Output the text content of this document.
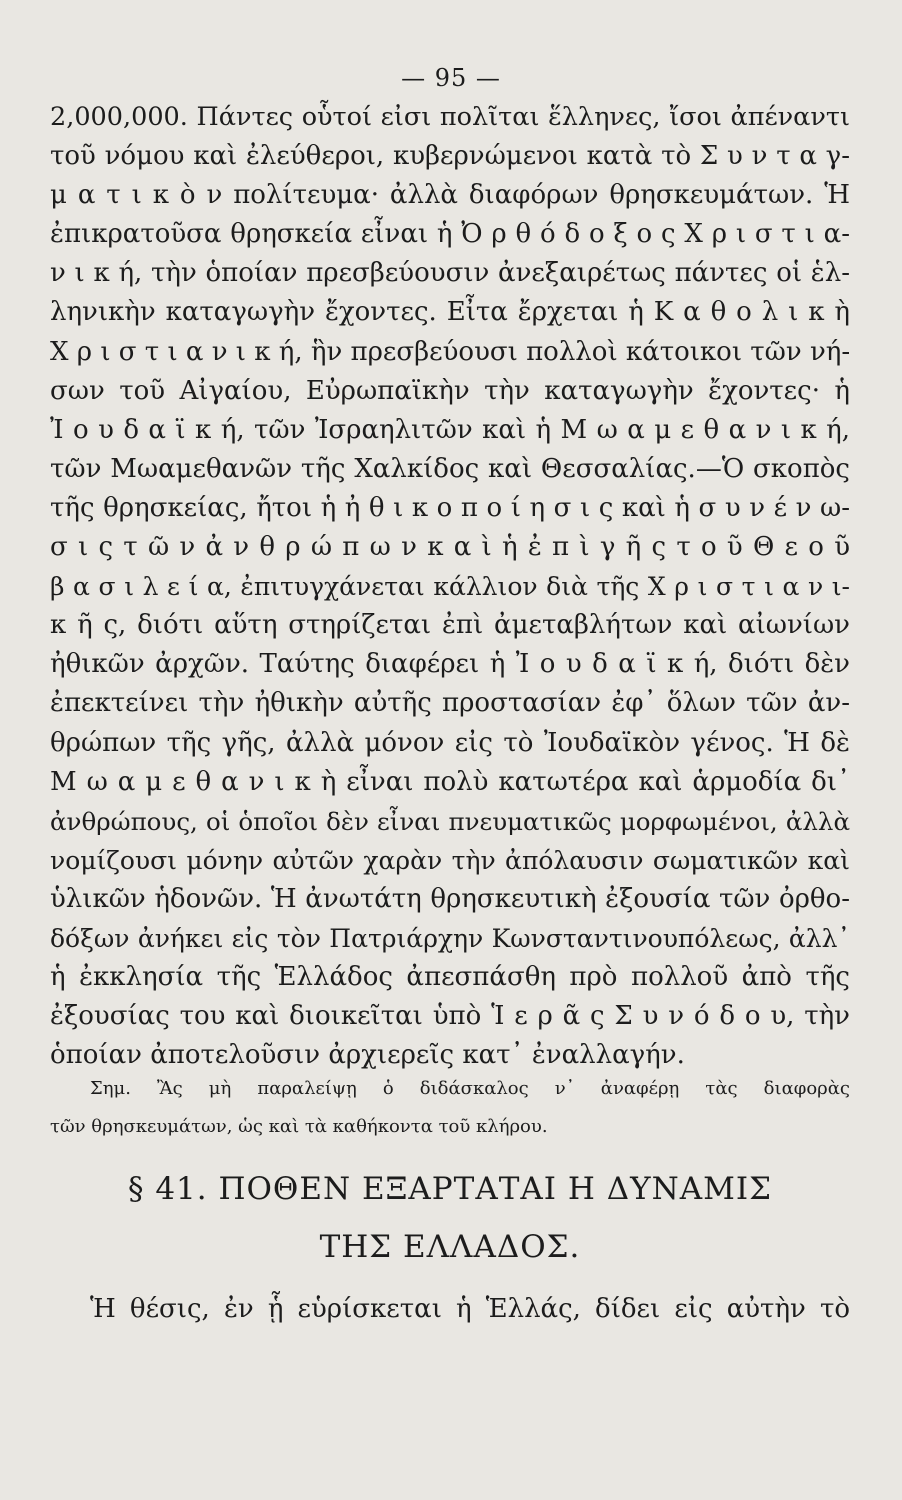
— 95 —
2,000,000. Πάντες οὗτοί εἰσι πολῖται ἕλληνες, ἴσοι ἀπέναντι
τοῦ νόμου καὶ ἐλεύθεροι, κυβερνώμενοι κατὰ τὸ Σ υ ν τ α γ-
μ α τ ι κ ὸ ν πολίτευμα· ἀλλὰ διαφόρων θρησκευμάτων. Ἡ
ἐπικρατοῦσα θρησκεία εἶναι ἡ Ὀ ρ θ ό δ ο ξ ο ς Χ ρ ι σ τ ι α-
ν ι κ ή, τὴν ὁποίαν πρεσβεύουσιν ἀνεξαιρέτως πάντες οἱ ἑλ-
ληνικὴν καταγωγὴν ἔχοντες. Εἶτα ἔρχεται ἡ Κ α θ ο λ ι κ ὴ
Χ ρ ι σ τ ι α ν ι κ ή, ἣν πρεσβεύουσι πολλοὶ κάτοικοι τῶν νή-
σων τοῦ Αἰγαίου, Εὐρωπαϊκὴν τὴν καταγωγὴν ἔχοντες· ἡ
Ἰ ο υ δ α ϊ κ ή, τῶν Ἰσραηλιτῶν καὶ ἡ Μ ω α μ ε θ α ν ι κ ή,
τῶν Μωαμεθανῶν τῆς Χαλκίδος καὶ Θεσσαλίας.—Ὁ σκοπὸς
τῆς θρησκείας, ἤτοι ἡ ἠ θ ι κ ο π ο ί η σ ι ς καὶ ἡ σ υ ν έ ν ω-
σ ι ς τ ῶ ν ἀ ν θ ρ ώ π ω ν κ α ὶ ἡ ἐ π ὶ γ ῆ ς τ ο ῦ Θ ε ο ῦ
β α σ ι λ ε ί α, ἐπιτυγχάνεται κάλλιον διὰ τῆς Χ ρ ι σ τ ι α ν ι-
κ ῆ ς, διότι αὕτη στηρίζεται ἐπὶ ἀμεταβλήτων καὶ αἰωνίων
ἠθικῶν ἀρχῶν. Ταύτης διαφέρει ἡ Ἰ ο υ δ α ϊ κ ή, διότι δὲν
ἐπεκτείνει τὴν ἠθικὴν αὐτῆς προστασίαν ἐφ᾽ ὅλων τῶν ἀν-
θρώπων τῆς γῆς, ἀλλὰ μόνον εἰς τὸ Ἰουδαϊκὸν γένος. Ἡ δὲ
Μ ω α μ ε θ α ν ι κ ὴ εἶναι πολὺ κατωτέρα καὶ ἁρμοδία δι᾽
ἀνθρώπους, οἱ ὁποῖοι δὲν εἶναι πνευματικῶς μορφωμένοι, ἀλλὰ
νομίζουσι μόνην αὐτῶν χαρὰν τὴν ἀπόλαυσιν σωματικῶν καὶ
ὑλικῶν ἡδονῶν. Ἡ ἀνωτάτη θρησκευτικὴ ἐξουσία τῶν ὀρθο-
δόξων ἀνήκει εἰς τὸν Πατριάρχην Κωνσταντινουπόλεως, ἀλλ᾽
ἡ ἐκκλησία τῆς Ἑλλάδος ἀπεσπάσθη πρὸ πολλοῦ ἀπὸ τῆς
ἐξουσίας του καὶ διοικεῖται ὑπὸ Ἱ ε ρ ᾶ ς Σ υ ν ό δ ο υ, τὴν
ὁποίαν ἀποτελοῦσιν ἀρχιερεῖς κατ᾽ ἐναλλαγήν.
Σημ. Ἂς μὴ παραλείψῃ ὁ διδάσκαλος ν᾽ ἀναφέρῃ τὰς διαφορὰς
τῶν θρησκευμάτων, ὡς καὶ τὰ καθήκοντα τοῦ κλήρου.
§ 41. ΠΟΘΕΝ ΕΞΑΡΤΑΤΑΙ Η ΔΥΝΑΜΙΣ
ΤΗΣ ΕΛΛΑΔΟΣ.
Ἡ θέσις, ἐν ᾗ εὑρίσκεται ἡ Ἑλλάς, δίδει εἰς αὐτὴν τὸ
